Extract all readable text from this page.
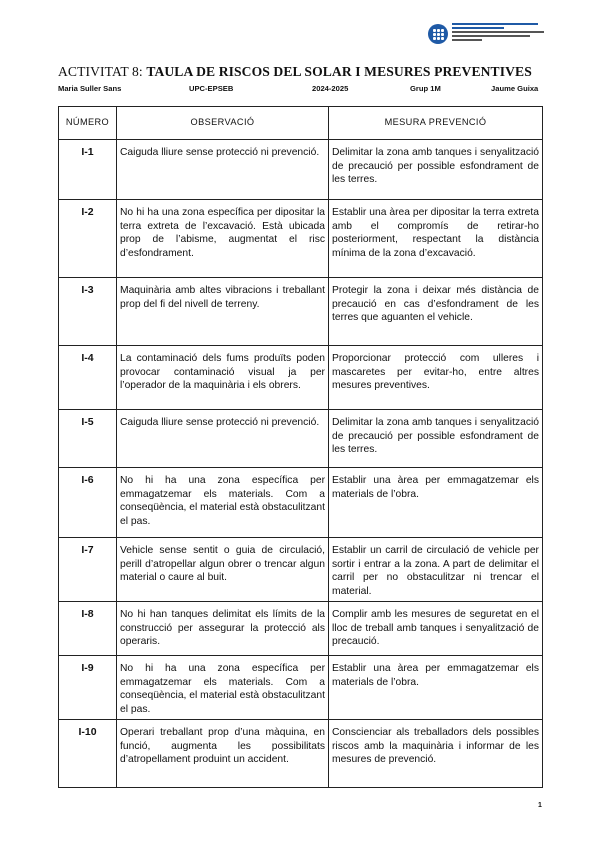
ACTIVITAT 8: TAULA DE RISCOS DEL SOLAR I MESURES PREVENTIVES
Maria Suller Sans	UPC-EPSEB	2024-2025	Grup 1M	Jaume Guixa
NÚMERO	OBSERVACIÓ	MESURA PREVENCIÓ
I-1	Caiguda lliure sense protecció ni prevenció.	Delimitar la zona amb tanques i senyalització de precaució per possible esfondrament de les terres.
I-2	No hi ha una zona específica per dipositar la terra extreta de l’excavació. Està ubicada prop de l’abisme, augmentat el risc d’esfondrament.	Establir una àrea per dipositar la terra extreta amb el compromís de retirar-ho posteriorment, respectant la distància mínima de la zona d’excavació.
I-3	Maquinària amb altes vibracions i treballant prop del fi del nivell de terreny.	Protegir la zona i deixar més distància de precaució en cas d’esfondrament de les terres que aguanten el vehicle.
I-4	La contaminació dels fums produïts poden provocar contaminació visual ja per l’operador de la maquinària i els obrers.	Proporcionar protecció com ulleres i mascaretes per evitar-ho, entre altres mesures preventives.
I-5	Caiguda lliure sense protecció ni prevenció.	Delimitar la zona amb tanques i senyalització de precaució per possible esfondrament de les terres.
I-6	No hi ha una zona específica per emmagatzemar els materials. Com a conseqüència, el material està obstaculitzant el pas.	Establir una àrea per emmagatzemar els materials de l’obra.
I-7	Vehicle sense sentit o guia de circulació, perill d’atropellar algun obrer o trencar algun material o caure al buit.	Establir un carril de circulació de vehicle per sortir i entrar a la zona. A part de delimitar el carril per no obstaculitzar ni trencar el material.
I-8	No hi han tanques delimitat els límits de la construcció per assegurar la protecció als operaris.	Complir amb les mesures de seguretat en el lloc de treball amb tanques i senyalització de precaució.
I-9	No hi ha una zona específica per emmagatzemar els materials. Com a conseqüència, el material està obstaculitzant el pas.	Establir una àrea per emmagatzemar els materials de l’obra.
I-10	Operari treballant prop d’una màquina, en funció, augmenta les possibilitats d’atropellament produint un accident.	Conscienciar als treballadors dels possibles riscos amb la maquinària i informar de les mesures de prevenció.
1
